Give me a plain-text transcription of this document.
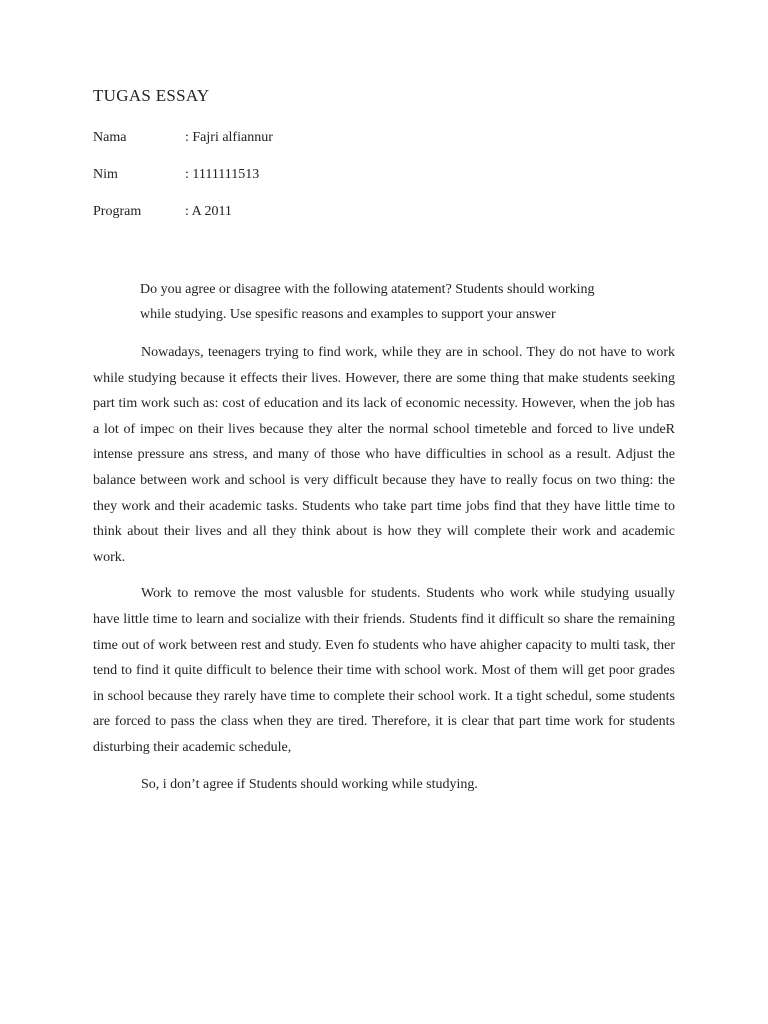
TUGAS ESSAY
Nama	: Fajri alfiannur
Nim	: 1111111513
Program	: A 2011

Do you agree or disagree with the following atatement? Students should working
while studying. Use spesific reasons and examples to support your answer

Nowadays, teenagers trying to find work, while they are in school. They do not have to work while studying because it effects their lives. However, there are some thing that make students seeking part tim work such as: cost of education and its lack of economic necessity. However, when the job has a lot of impec on their lives because they alter the normal school timeteble and forced to live undeR intense pressure ans stress, and many of those who have difficulties in school as a result. Adjust the balance between work and school is very difficult because they have to really focus on two thing: the they work and their academic tasks. Students who take part time jobs find that they have little time to think about their lives and all they think about is how they will complete their work and academic work.

Work to remove the most valusble for students. Students who work while studying usually have little time to learn and socialize with their friends. Students find it difficult so share the remaining time out of work between rest and study. Even fo students who have ahigher capacity to multi task, ther tend to find it quite difficult to belence their time with school work. Most of them will get poor grades in school because they rarely have time to complete their school work. It a tight schedul, some students are forced to pass the class when they are tired. Therefore, it is clear that part time work for students disturbing their academic schedule,

So, i don’t agree if Students should working while studying.
